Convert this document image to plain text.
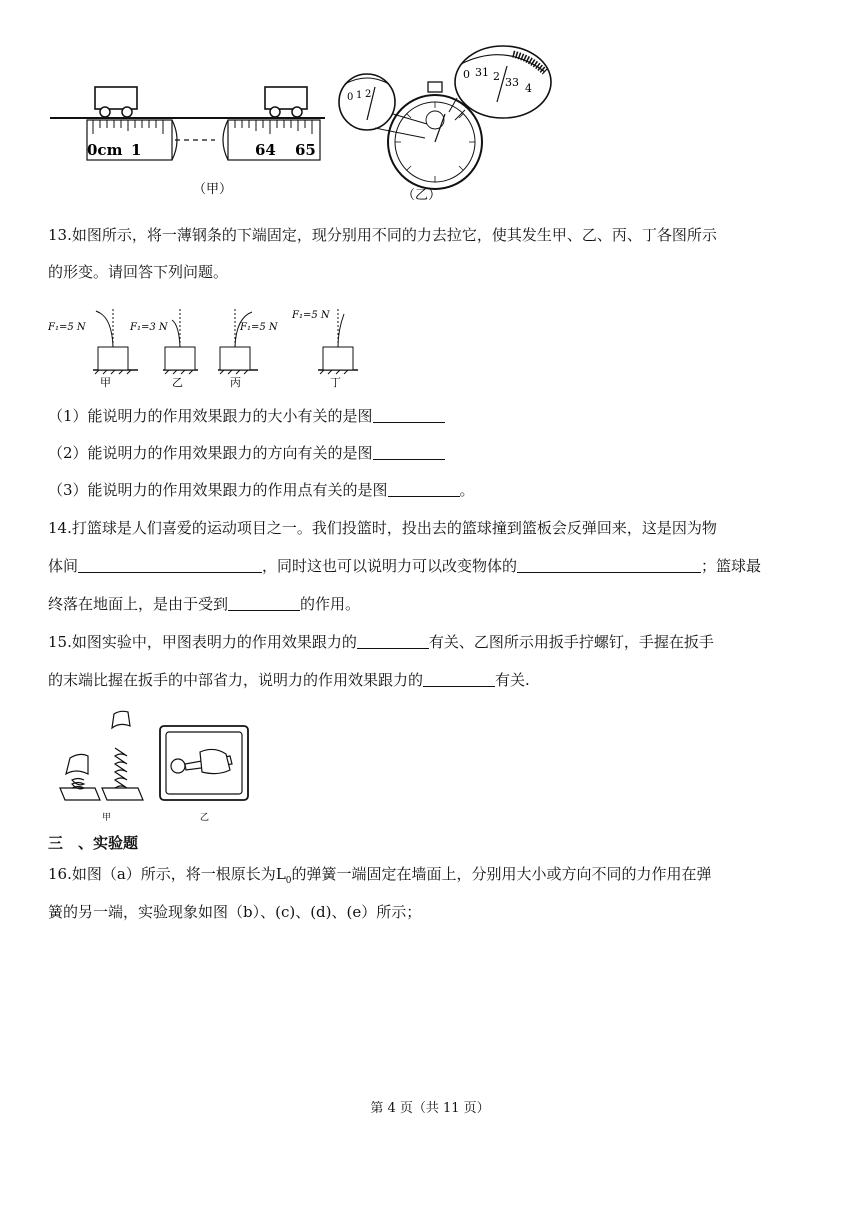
0cm 1	64 65
（甲）
0 1 2
0 31 2 33 4
（乙）
13.如图所示，将一薄钢条的下端固定，现分别用不同的力去拉它，使其发生甲、乙、丙、丁各图所示
的形变。请回答下列问题。
F₁=5 N	F₁=3 N	F₁=5 N
F₁=5 N
甲	乙	丙	丁
（1）能说明力的作用效果跟力的大小有关的是图
（2）能说明力的作用效果跟力的方向有关的是图
（3）能说明力的作用效果跟力的作用点有关的是图	。
14.打篮球是人们喜爱的运动项目之一。我们投篮时，投出去的篮球撞到篮板会反弹回来，这是因为物
体间	，同时这也可以说明力可以改变物体的	；篮球最
终落在地面上，是由于受到	的作用。
15.如图实验中，甲图表明力的作用效果跟力的	有关、乙图所示用扳手拧螺钉，手握在扳手
的末端比握在扳手的中部省力，说明力的作用效果跟力的	有关.
甲	乙
三　、实验题
16.如图（a）所示，将一根原长为$L_0$的弹簧一端固定在墙面上，分别用大小或方向不同的力作用在弹
簧的另一端，实验现象如图（b）、(c)、(d)、(e）所示；
第 4 页（共 11 页）
